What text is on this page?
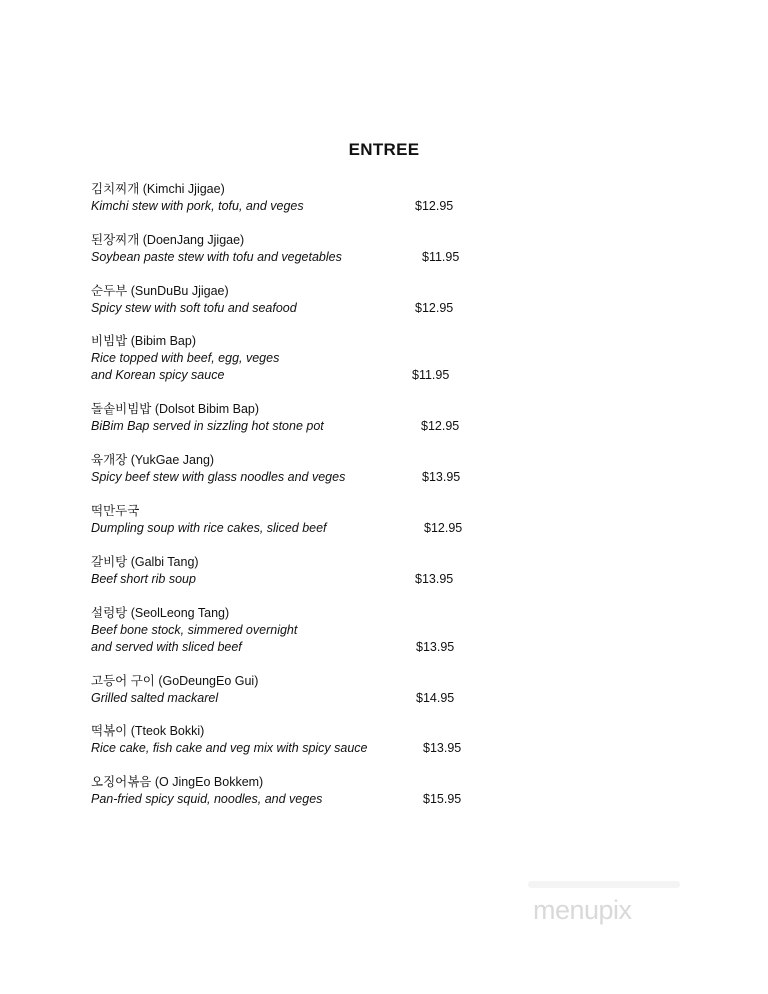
ENTREE
김치찌개 (Kimchi Jjigae)
Kimchi stew with pork, tofu, and veges	$12.95
된장찌개 (DoenJang Jjigae)
Soybean paste stew with tofu and vegetables	$11.95
순두부 (SunDuBu Jjigae)
Spicy stew with soft tofu and seafood	$12.95
비빔밥 (Bibim Bap)
Rice topped with beef, egg, veges
and Korean spicy sauce	$11.95
돌솥비빔밥 (Dolsot Bibim Bap)
BiBim Bap served in sizzling hot stone pot	$12.95
육개장 (YukGae Jang)
Spicy beef stew with glass noodles and veges	$13.95
떡만두국
Dumpling soup with rice cakes, sliced beef	$12.95
갈비탕 (Galbi Tang)
Beef short rib soup	$13.95
설렁탕 (SeolLeong Tang)
Beef bone stock, simmered overnight
and served with sliced beef	$13.95
고등어 구이 (GoDeungEo Gui)
Grilled salted mackarel	$14.95
떡볶이 (Tteok Bokki)
Rice cake, fish cake and veg mix with spicy sauce	$13.95
오징어볶음 (O JingEo Bokkem)
Pan-fried spicy squid, noodles, and veges	$15.95
menupix
